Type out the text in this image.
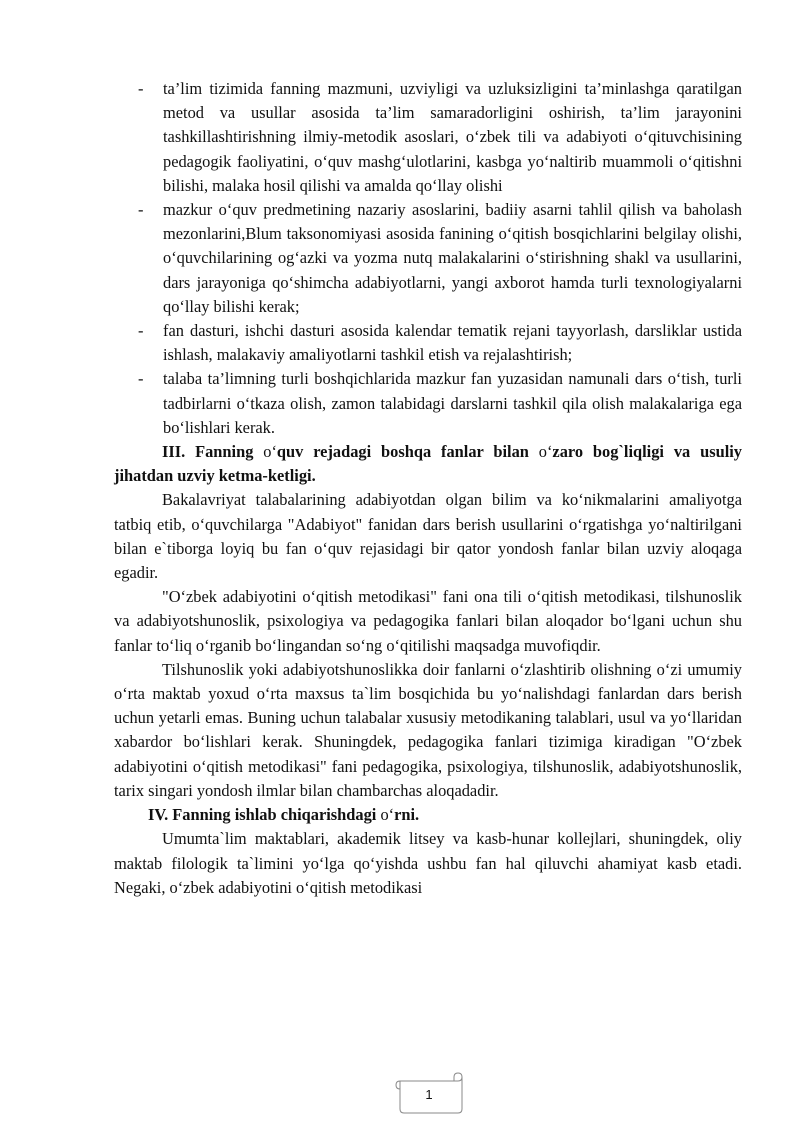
- ta’lim tizimida fanning mazmuni, uzviyligi va uzluksizligini ta’minlashga qaratilgan metod va usullar asosida ta’lim samaradorligini oshirish, ta’lim jarayonini tashkillashtirishning ilmiy-metodik asoslari, o‘zbek tili va adabiyoti o‘qituvchisining pedagogik faoliyatini, o‘quv mashg‘ulotlarini, kasbga yo‘naltirib muammoli o‘qitishni bilishi, malaka hosil qilishi va amalda qo‘llay olishi
- mazkur o‘quv predmetining nazariy asoslarini, badiiy asarni tahlil qilish va baholash mezonlarini,Blum taksonomiyasi asosida fanining o‘qitish bosqichlarini belgilay olishi, o‘quvchilarining og‘azki va yozma nutq malakalarini o‘stirishning shakl va usullarini, dars jarayoniga qo‘shimcha adabiyotlarni, yangi axborot hamda turli texnologiyalarni qo‘llay bilishi kerak;
- fan dasturi, ishchi dasturi asosida kalendar tematik rejani tayyorlash, darsliklar ustida ishlash, malakaviy amaliyotlarni tashkil etish va rejalashtirish;
- talaba ta’limning turli boshqichlarida mazkur fan yuzasidan namunali dars o‘tish, turli tadbirlarni o‘tkaza olish, zamon talabidagi darslarni tashkil qila olish malakalariga ega bo‘lishlari kerak.

III. Fanning o‘quv rejadagi boshqa fanlar bilan o‘zaro bog`liqligi va usuliy jihatdan uzviy ketma-ketligi.

Bakalavriyat talabalarining adabiyotdan olgan bilim va ko‘nikmalarini amaliyotga tatbiq etib, o‘quvchilarga "Adabiyot" fanidan dars berish usullarini o‘rgatishga yo‘naltirilgani bilan e`tiborga loyiq bu fan o‘quv rejasidagi bir qator yondosh fanlar bilan uzviy aloqaga egadir.

"O‘zbek adabiyotini o‘qitish metodikasi" fani ona tili o‘qitish metodikasi, tilshunoslik va adabiyotshunoslik, psixologiya va pedagogika fanlari bilan aloqador bo‘lgani uchun shu fanlar to‘liq o‘rganib bo‘lingandan so‘ng o‘qitilishi maqsadga muvofiqdir.

Tilshunoslik yoki adabiyotshunoslikka doir fanlarni o‘zlashtirib olishning o‘zi umumiy o‘rta maktab yoxud o‘rta maxsus ta`lim bosqichida bu yo‘nalishdagi fanlardan dars berish uchun yetarli emas. Buning uchun talabalar xususiy metodikaning talablari, usul va yo‘llaridan xabardor bo‘lishlari kerak. Shuningdek, pedagogika fanlari tizimiga kiradigan "O‘zbek adabiyotini o‘qitish metodikasi" fani pedagogika, psixologiya, tilshunoslik, adabiyotshunoslik, tarix singari yondosh ilmlar bilan chambarchas aloqadadir.

IV. Fanning ishlab chiqarishdagi o‘rni.

Umumta`lim maktablari, akademik litsey va kasb-hunar kollejlari, shuningdek, oliy maktab filologik ta`limini yo‘lga qo‘yishda ushbu fan hal qiluvchi ahamiyat kasb etadi. Negaki, o‘zbek adabiyotini o‘qitish metodikasi

1
